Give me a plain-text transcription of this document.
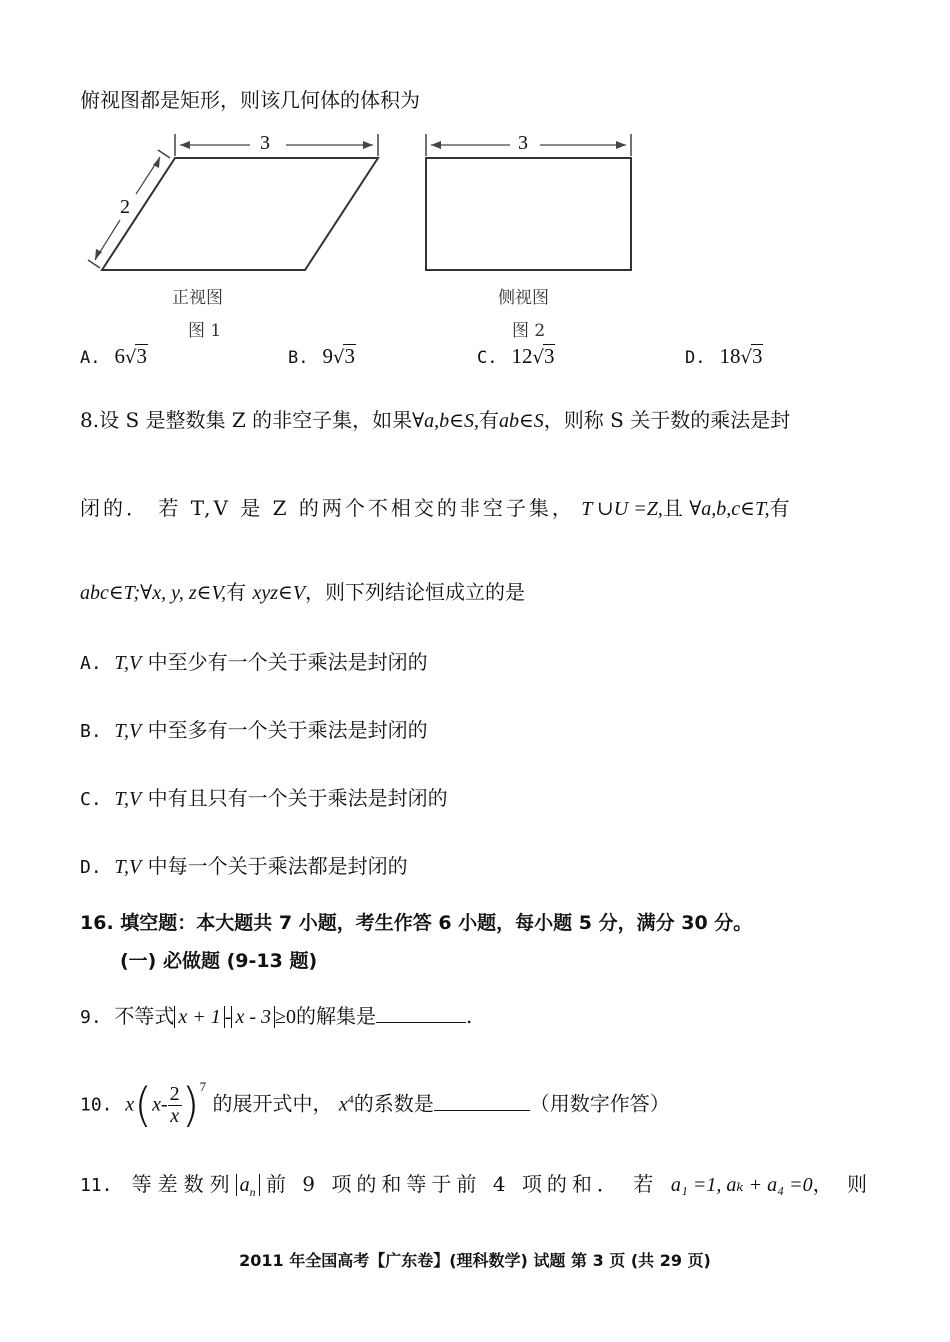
俯视图都是矩形，则该几何体的体积为
3
2
正视图
图 1
3
侧视图
图 2
A. 6√3	B. 9√3	C. 12√3	D. 18√3
8.设 S 是整数集 Z 的非空子集，如果∀a,b∈S,有ab∈S，则称 S 关于数的乘法是封
闭的． 若 T,V 是 Z 的两个不相交的非空子集， T ∪U =Z,且 ∀a,b,c∈T,有
abc∈T;∀x, y, z∈V,有 xyz∈V，则下列结论恒成立的是
A. T,V 中至少有一个关于乘法是封闭的
B. T,V 中至多有一个关于乘法是封闭的
C. T,V 中有且只有一个关于乘法是封闭的
D. T,V 中每一个关于乘法都是封闭的
16. 填空题：本大题共 7 小题，考生作答 6 小题，每小题 5 分，满分 30 分。
(一) 必做题 (9-13 题)
9. 不等式 x + 1 - x - 3 ≥0的解集是	.
10. $x(x- \frac{2}{x} )^7$ 的展开式中， $x^4$的系数是	（用数字作答）
11. 等差数列 $a_n$ 前 9 项的和等于前 4 项的和． 若 a₁ =1, aₖ + a₄ =0， 则
2011 年全国高考【广东卷】(理科数学) 试题 第 3 页 (共 29 页)
